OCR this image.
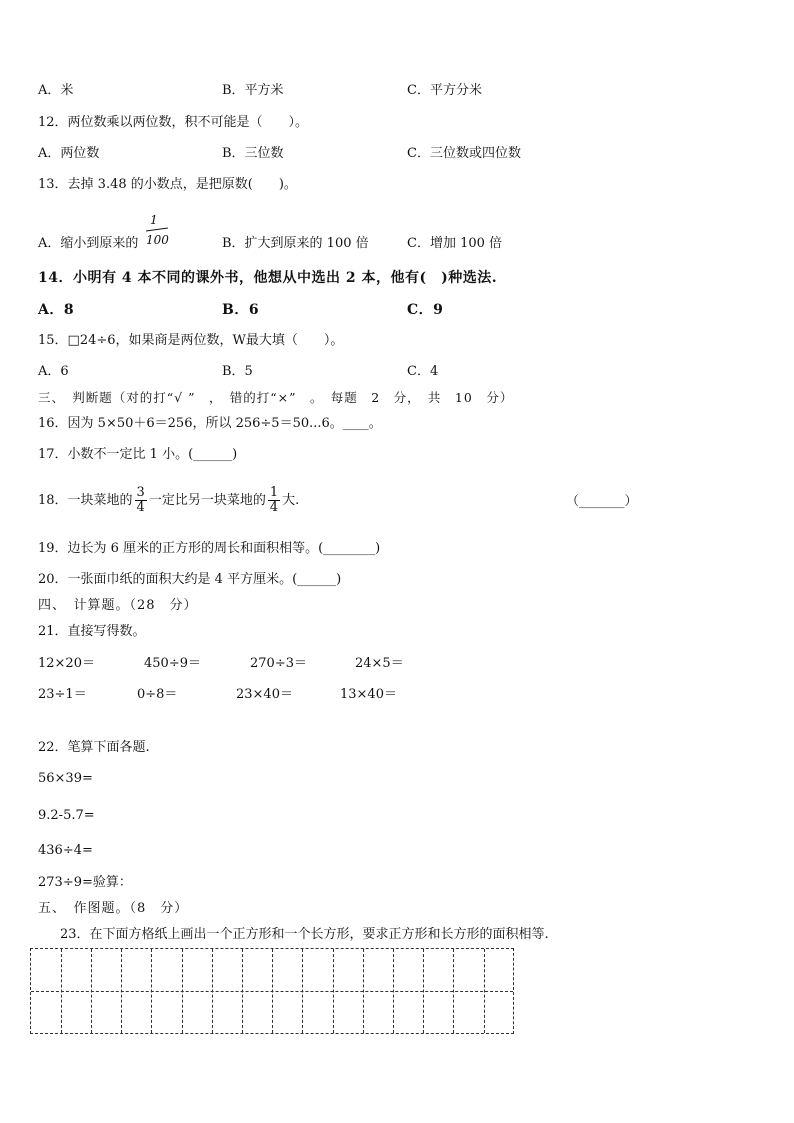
A．米	B．平方米	C．平方分米
12．两位数乘以两位数，积不可能是（　　）。
A．两位数	B．三位数	C．三位数或四位数
13．去掉 3.48 的小数点，是把原数(　　)。
A．缩小到原来的
1
100	B．扩大到原来的 100 倍	C．增加 100 倍
14．小明有 4 本不同的课外书，他想从中选出 2 本，他有(　)种选法.
A．8	B．6	C．9
15．□24÷6，如果商是两位数，W最大填（　　）。
A．6	B．5	C．4
三、　判断题（对的打“√ ”　，　错的打“×”　。　每题　2　分，　共　10　分）
16．因为 5×50＋6＝256，所以 256÷5＝50...6。____。
17．小数不一定比 1 小。(______)
18．一块菜地的 $\frac{3}{4}$ 一定比另一块菜地的 $\frac{1}{4}$ 大.	（_______）
19．边长为 6 厘米的正方形的周长和面积相等。(________)
20．一张面巾纸的面积大约是 4 平方厘米。(______)
四、　计算题。（28　分）
21．直接写得数。
12×20＝	450÷9＝	270÷3＝	24×5＝
23÷1＝	0÷8＝	23×40＝	13×40＝
22．笔算下面各题.
56×39=
9.2-5.7=
436÷4=
273÷9=验算：
五、　作图题。（8　分）
23．在下面方格纸上画出一个正方形和一个长方形，要求正方形和长方形的面积相等.
